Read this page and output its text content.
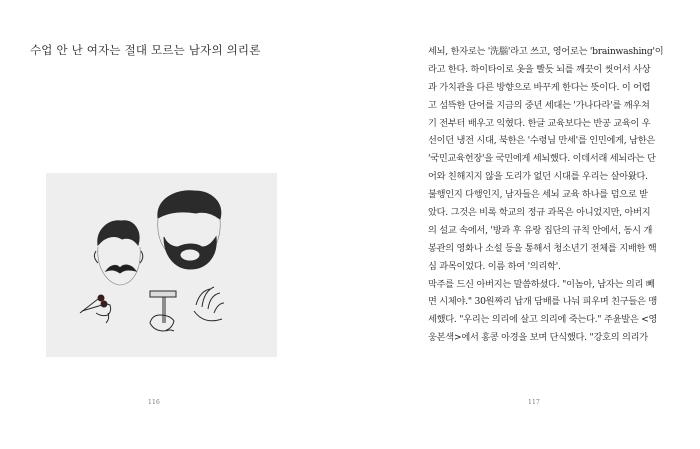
수업 안 난 여자는 절대 모르는 남자의 의리론
116
세뇌, 한자로는 '洗腦'라고 쓰고, 영어로는 'brainwashing'이
라고 한다. 하이타이로 옷을 빨듯 뇌를 깨끗이 씻어서 사상
과 가치관을 다른 방향으로 바꾸게 한다는 뜻이다. 이 어렵
고 섬뜩한 단어를 지금의 중년 세대는 '가나다라'를 깨우쳐
기 전부터 배우고 익혔다. 한글 교육보다는 반공 교육이 우
선이던 냉전 시대, 북한은 '수령님 만세'를 인민에게, 남한은
'국민교육헌장'을 국민에게 세뇌했다. 이데서래 세뇌라는 단
어와 친해지지 않을 도리가 없던 시대를 우리는 살아왔다.
불행인지 다행인지, 남자들은 세뇌 교육 하나를 덤으로 받
았다. 그것은 비록 학교의 정규 과목은 아니었지만, 아버지
의 설교 속에서, '방과 후 유랑 집단의 규칙 안에서, 동시 개
봉관의 영화나 소설 등을 통해서 청소년기 전체를 지배한 핵
심 과목이었다. 이름 하여 '의리학'.
막주를 드신 아버지는 말씀하셨다. "이놈아, 남자는 의리 빼
면 시체야." 30원짜리 납개 담배를 나눠 피우며 친구들은 맹
세했다. "우리는 의리에 살고 의리에 죽는다." 주윤발은 <영
웅본색>에서 홍콩 아경을 보며 단식했다. "강호의 의리가
117
